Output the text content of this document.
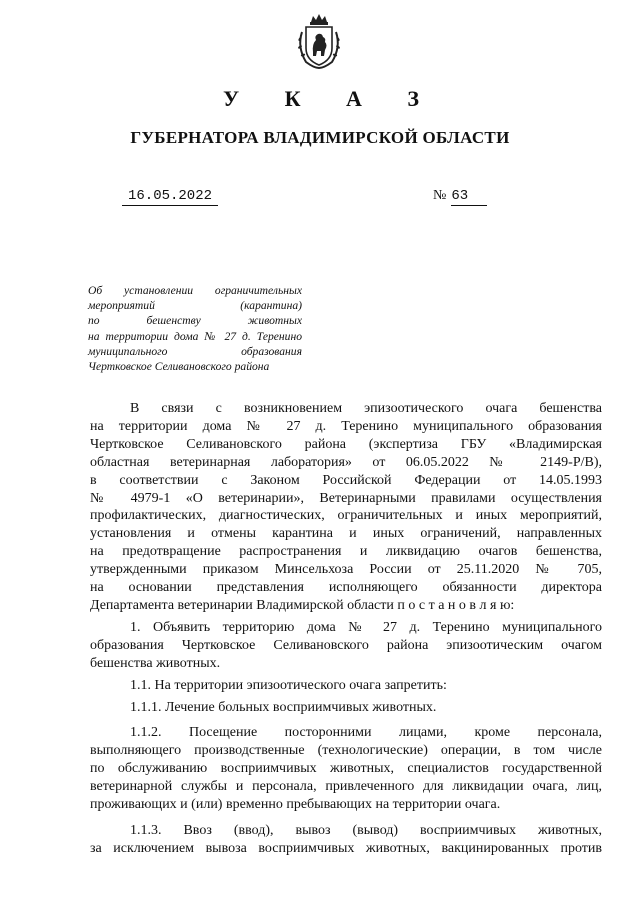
У К А З
ГУБЕРНАТОРА ВЛАДИМИРСКОЙ ОБЛАСТИ
16.05.2022	№ 63
Об установлении ограничительных
мероприятий (карантина)
по бешенству животных
на территории дома № 27 д. Теренино
муниципального образования
Чертковское Селивановского района
В связи с возникновением эпизоотического очага бешенства
на территории дома № 27 д. Теренино муниципального образования
Чертковское Селивановского района (экспертиза ГБУ «Владимирская
областная ветеринарная лаборатория» от 06.05.2022 № 2149-Р/В),
в соответствии с Законом Российской Федерации от 14.05.1993
№ 4979-1 «О ветеринарии», Ветеринарными правилами осуществления
профилактических, диагностических, ограничительных и иных мероприятий,
установления и отмены карантина и иных ограничений, направленных
на предотвращение распространения и ликвидацию очагов бешенства,
утвержденными приказом Минсельхоза России от 25.11.2020 № 705,
на основании представления исполняющего обязанности директора
Департамента ветеринарии Владимирской области п о с т а н о в л я ю:
1. Объявить территорию дома № 27 д. Теренино муниципального
образования Чертковское Селивановского района эпизоотическим очагом
бешенства животных.
1.1. На территории эпизоотического очага запретить:
1.1.1. Лечение больных восприимчивых животных.
1.1.2. Посещение посторонними лицами, кроме персонала,
выполняющего производственные (технологические) операции, в том числе
по обслуживанию восприимчивых животных, специалистов государственной
ветеринарной службы и персонала, привлеченного для ликвидации очага, лиц,
проживающих и (или) временно пребывающих на территории очага.
1.1.3. Ввоз (ввод), вывоз (вывод) восприимчивых животных,
за исключением вывоза восприимчивых животных, вакцинированных против
